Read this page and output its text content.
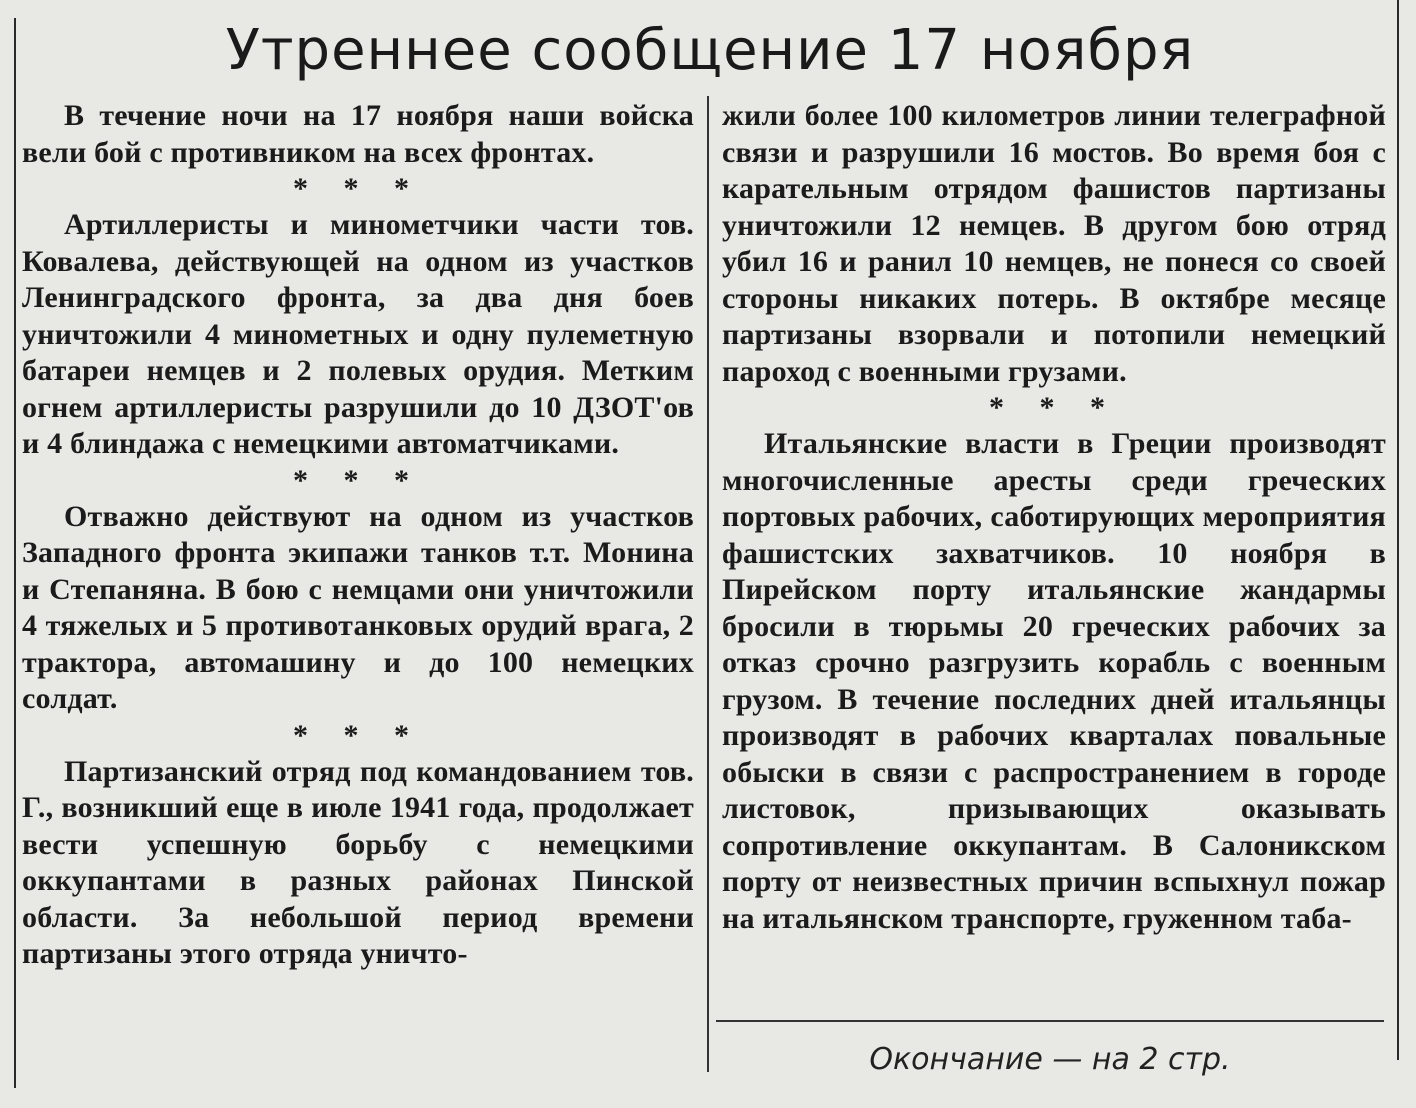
Утреннее сообщение 17 ноября

В течение ночи на 17 ноября наши войска вели бой с противником на всех фронтах.

* * *

Артиллеристы и минометчики части тов. Ковалева, действующей на одном из участков Ленинградского фронта, за два дня боев уничтожили 4 минометных и одну пулеметную батареи немцев и 2 полевых орудия. Метким огнем артиллеристы разрушили до 10 ДЗОТ'ов и 4 блиндажа с немецкими автоматчиками.

* * *

Отважно действуют на одном из участков Западного фронта экипажи танков т.т. Монина и Степаняна. В бою с немцами они уничтожили 4 тяжелых и 5 противотанковых орудий врага, 2 трактора, автомашину и до 100 немецких солдат.

* * *

Партизанский отряд под командованием тов. Г., возникший еще в июле 1941 года, продолжает вести успешную борьбу с немецкими оккупантами в разных районах Пинской области. За небольшой период времени партизаны этого отряда уничто-

жили более 100 километров линии телеграфной связи и разрушили 16 мостов. Во время боя с карательным отрядом фашистов партизаны уничтожили 12 немцев. В другом бою отряд убил 16 и ранил 10 немцев, не понеся со своей стороны никаких потерь. В октябре месяце партизаны взорвали и потопили немецкий пароход с военными грузами.

* * *

Итальянские власти в Греции производят многочисленные аресты среди греческих портовых рабочих, саботирующих мероприятия фашистских захватчиков. 10 ноября в Пирейском порту итальянские жандармы бросили в тюрьмы 20 греческих рабочих за отказ срочно разгрузить корабль с военным грузом. В течение последних дней итальянцы производят в рабочих кварталах повальные обыски в связи с распространением в городе листовок, призывающих оказывать сопротивление оккупантам. В Салоникском порту от неизвестных причин вспыхнул пожар на итальянском транспорте, груженном таба-

Окончание — на 2 стр.
